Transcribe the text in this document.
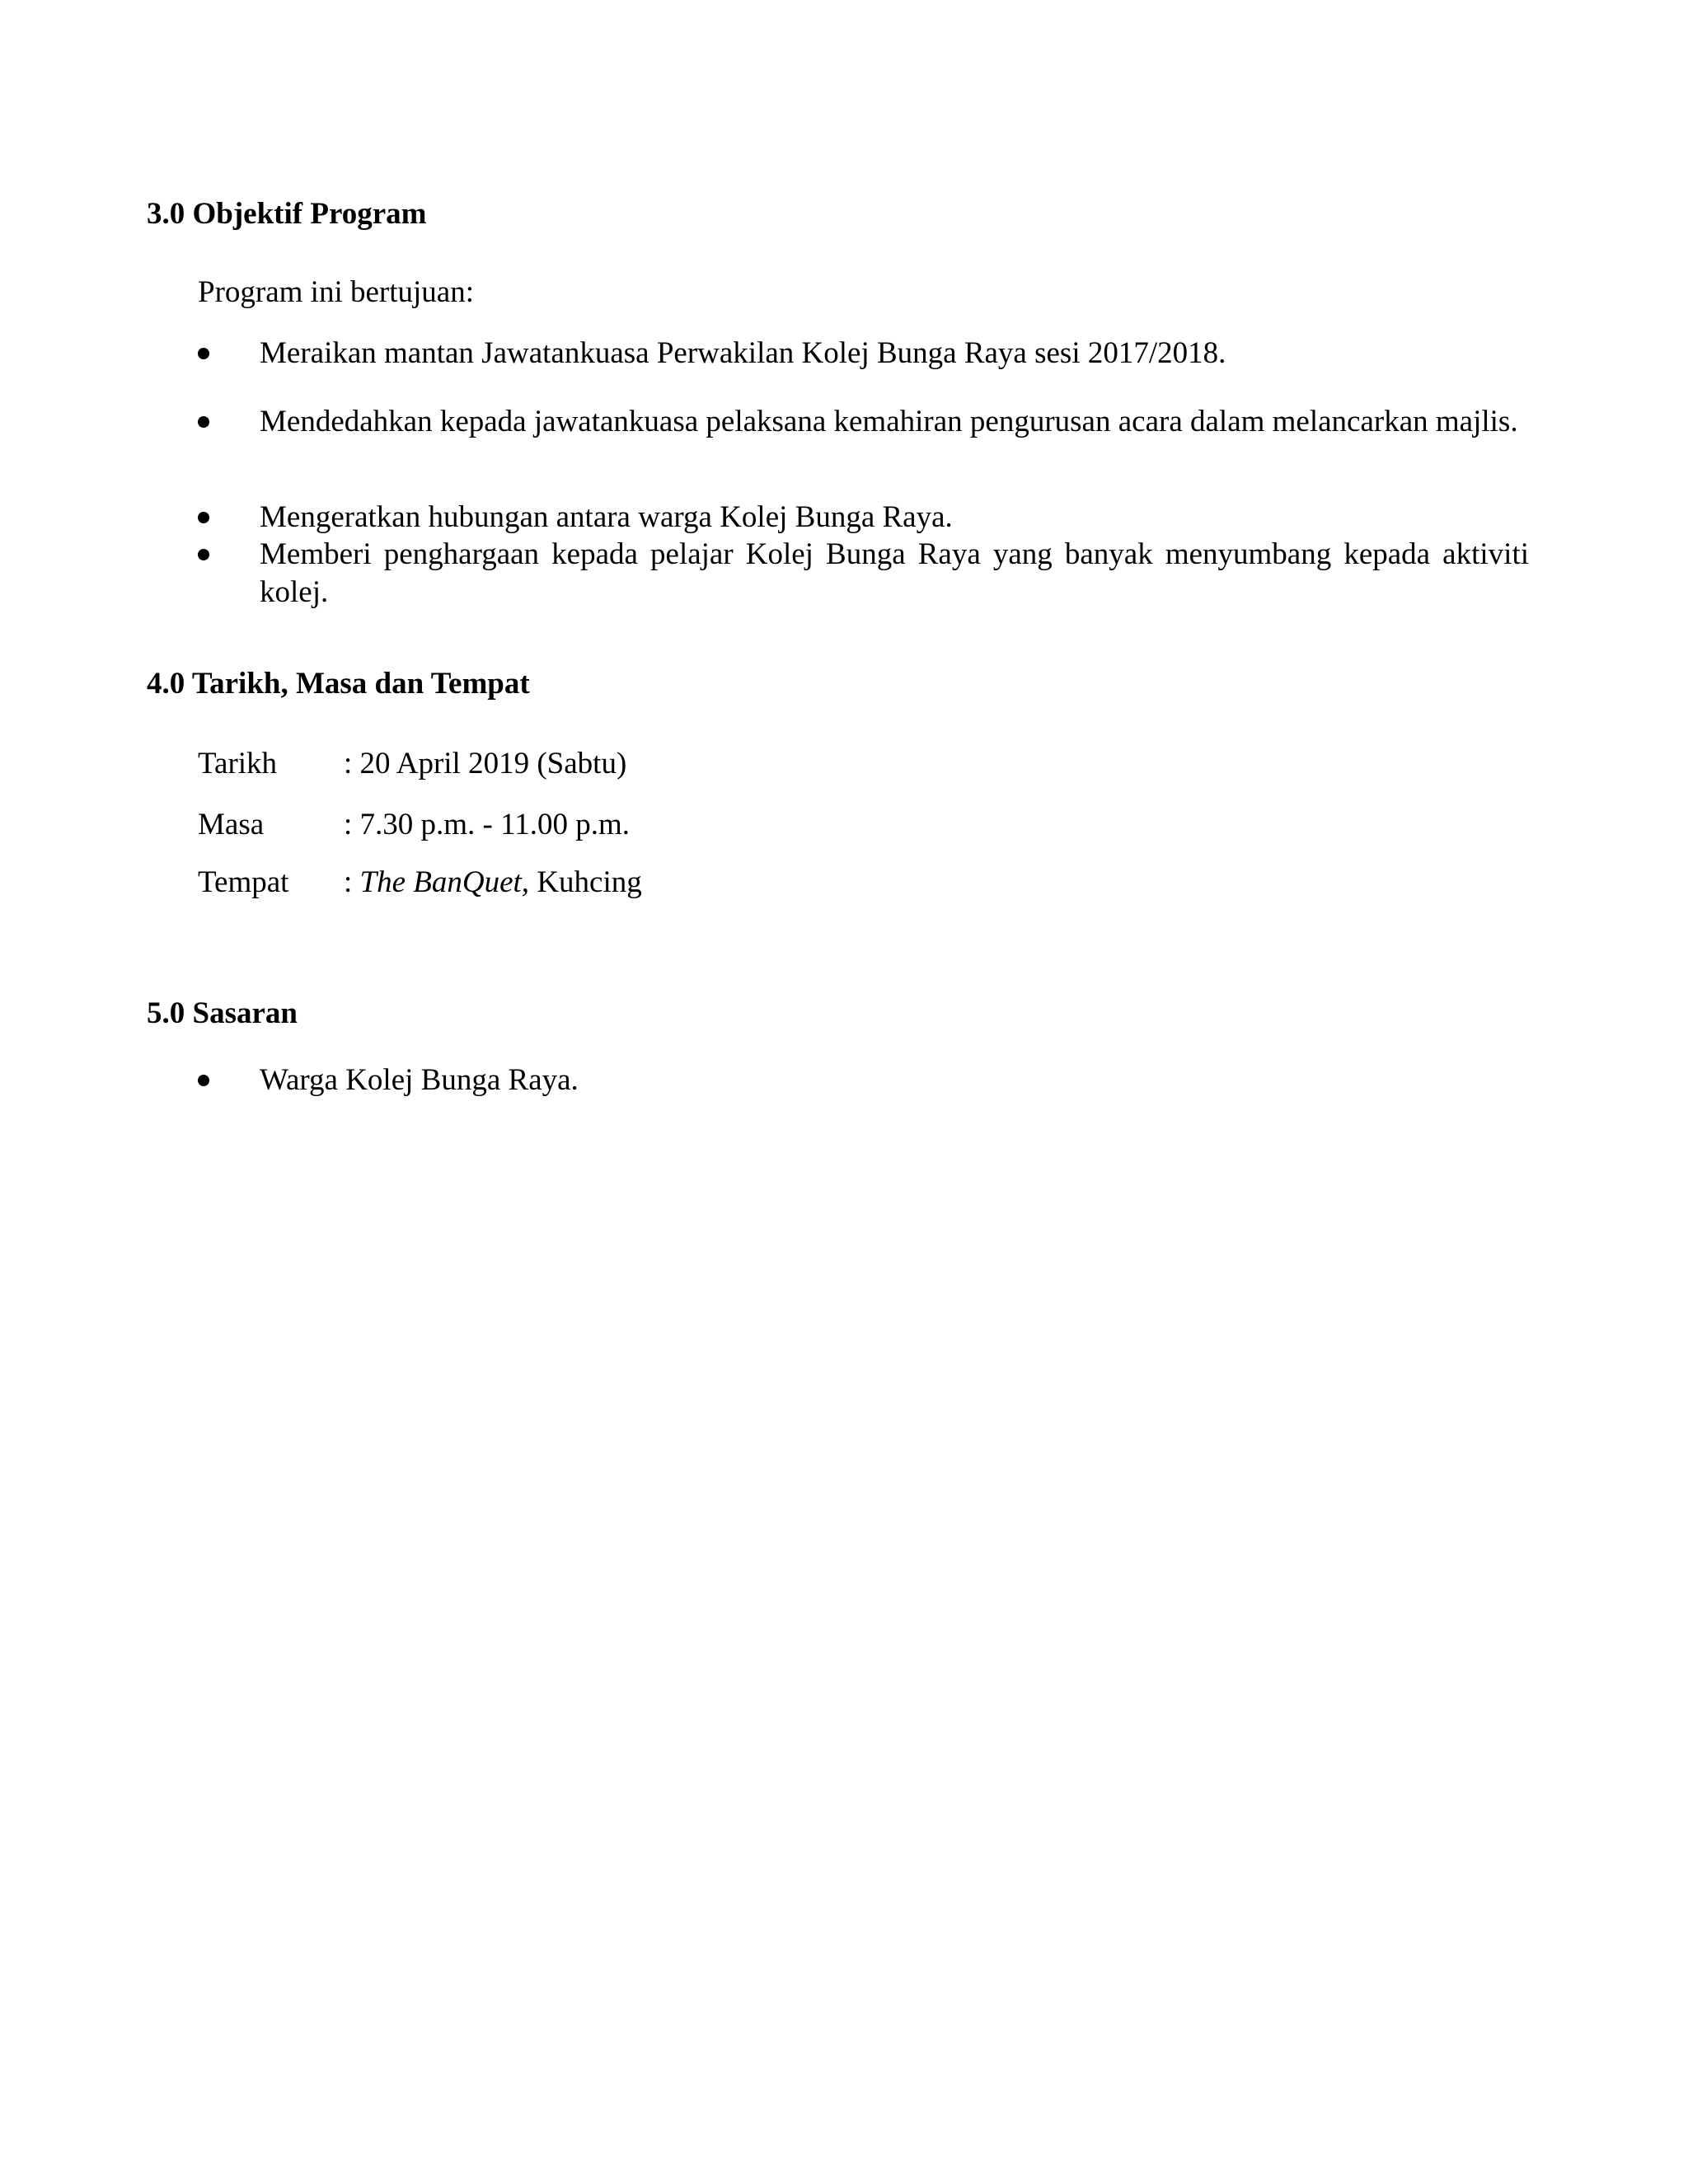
3.0 Objektif Program
Program ini bertujuan:
Meraikan mantan Jawatankuasa Perwakilan Kolej Bunga Raya sesi 2017/2018.
Mendedahkan kepada jawatankuasa pelaksana kemahiran pengurusan acara dalam melancarkan majlis.
Mengeratkan hubungan antara warga Kolej Bunga Raya.
Memberi penghargaan kepada pelajar Kolej Bunga Raya yang banyak menyumbang kepada aktiviti kolej.
4.0 Tarikh, Masa dan Tempat
Tarikh : 20 April 2019 (Sabtu)
Masa	: 7.30 p.m. - 11.00 p.m.
Tempat : The BanQuet, Kuhcing
5.0 Sasaran
Warga Kolej Bunga Raya.
